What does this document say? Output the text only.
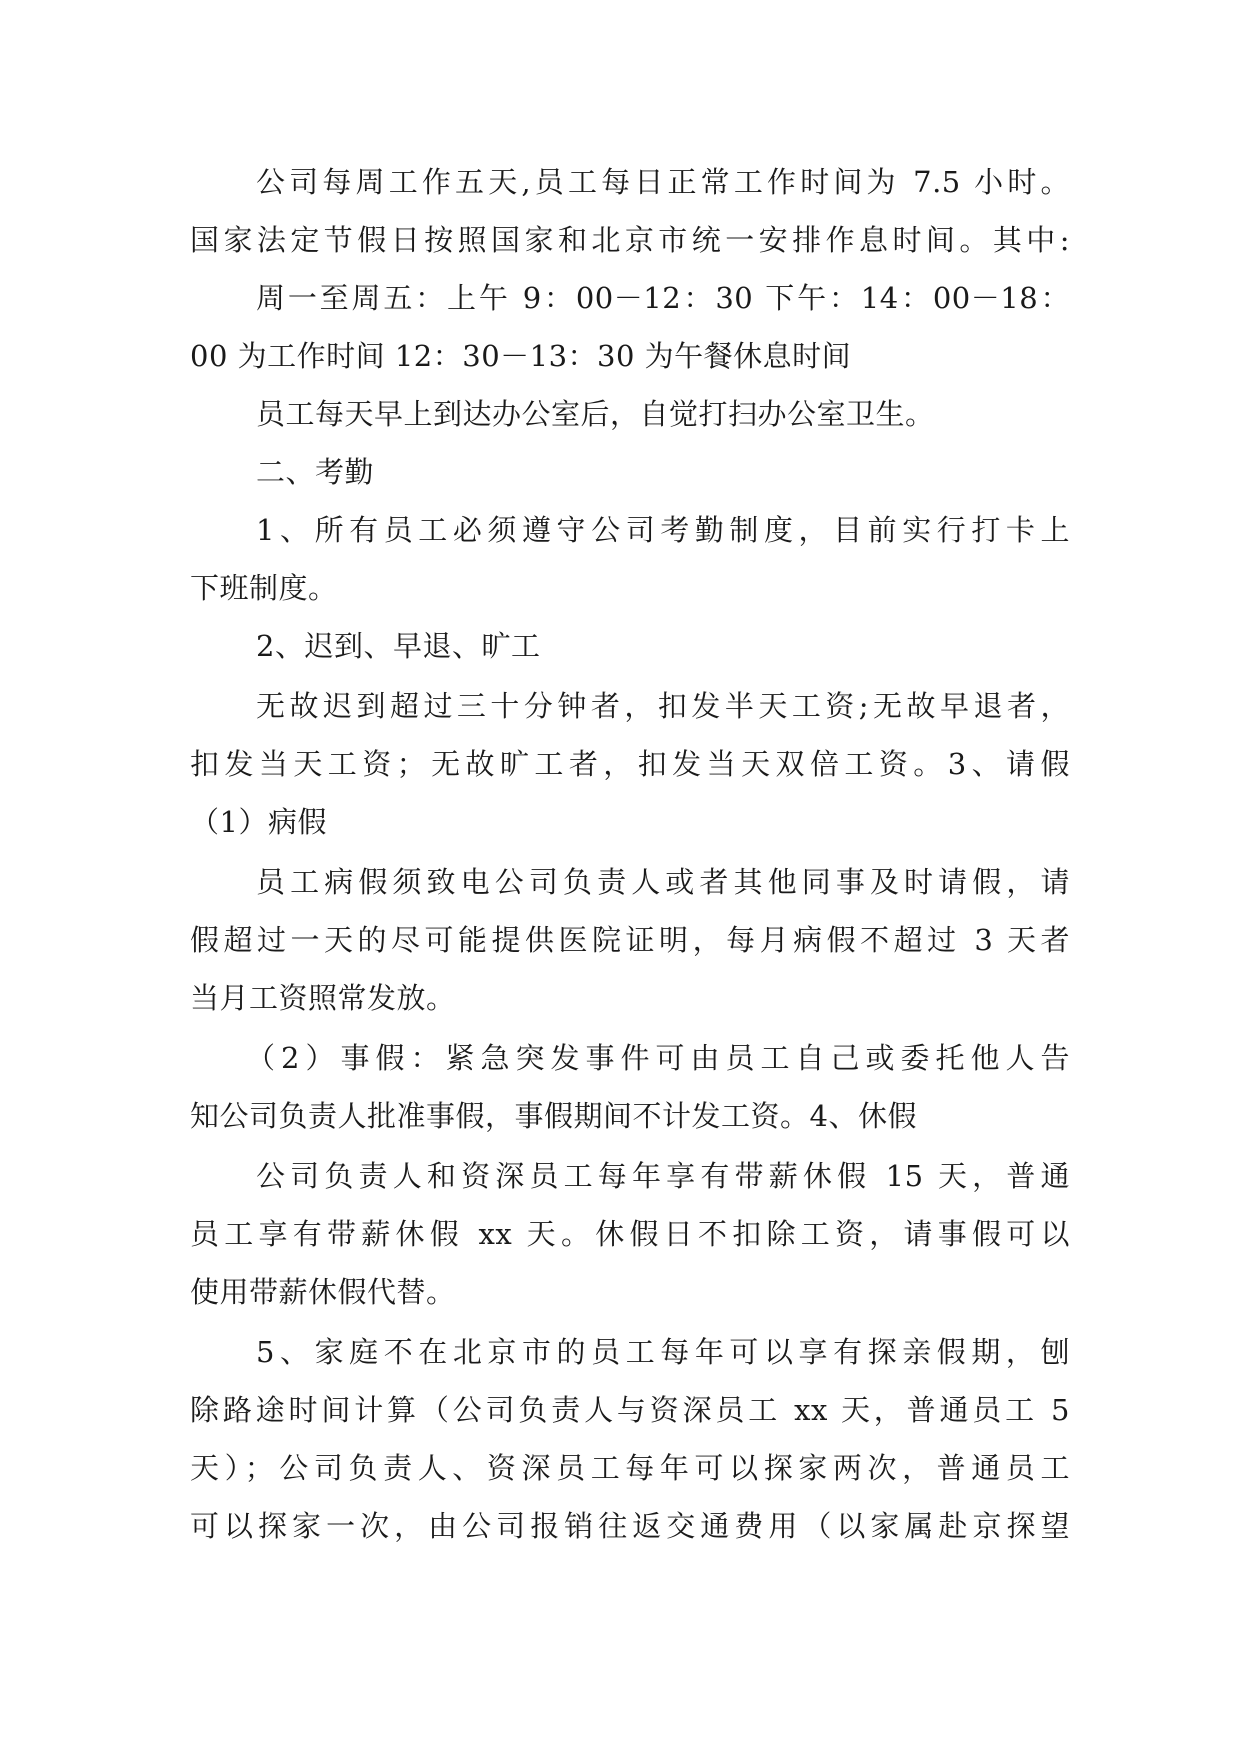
公司每周工作五天,员工每日正常工作时间为 7.5 小时。
国家法定节假日按照国家和北京市统一安排作息时间。其中:
周一至周五：上午 9：00－12：30 下午：14：00－18：
00 为工作时间 12：30－13：30 为午餐休息时间
员工每天早上到达办公室后，自觉打扫办公室卫生。
二、考勤
1、所有员工必须遵守公司考勤制度，目前实行打卡上
下班制度。
2、迟到、早退、旷工
无故迟到超过三十分钟者，扣发半天工资;无故早退者，
扣发当天工资；无故旷工者，扣发当天双倍工资。3、请假
（1）病假
员工病假须致电公司负责人或者其他同事及时请假，请
假超过一天的尽可能提供医院证明，每月病假不超过 3 天者
当月工资照常发放。
（2）事假：紧急突发事件可由员工自己或委托他人告
知公司负责人批准事假，事假期间不计发工资。4、休假
公司负责人和资深员工每年享有带薪休假 15 天，普通
员工享有带薪休假 xx 天。休假日不扣除工资，请事假可以
使用带薪休假代替。
5、家庭不在北京市的员工每年可以享有探亲假期，刨
除路途时间计算（公司负责人与资深员工 xx 天，普通员工 5
天）；公司负责人、资深员工每年可以探家两次，普通员工
可以探家一次，由公司报销往返交通费用（以家属赴京探望
